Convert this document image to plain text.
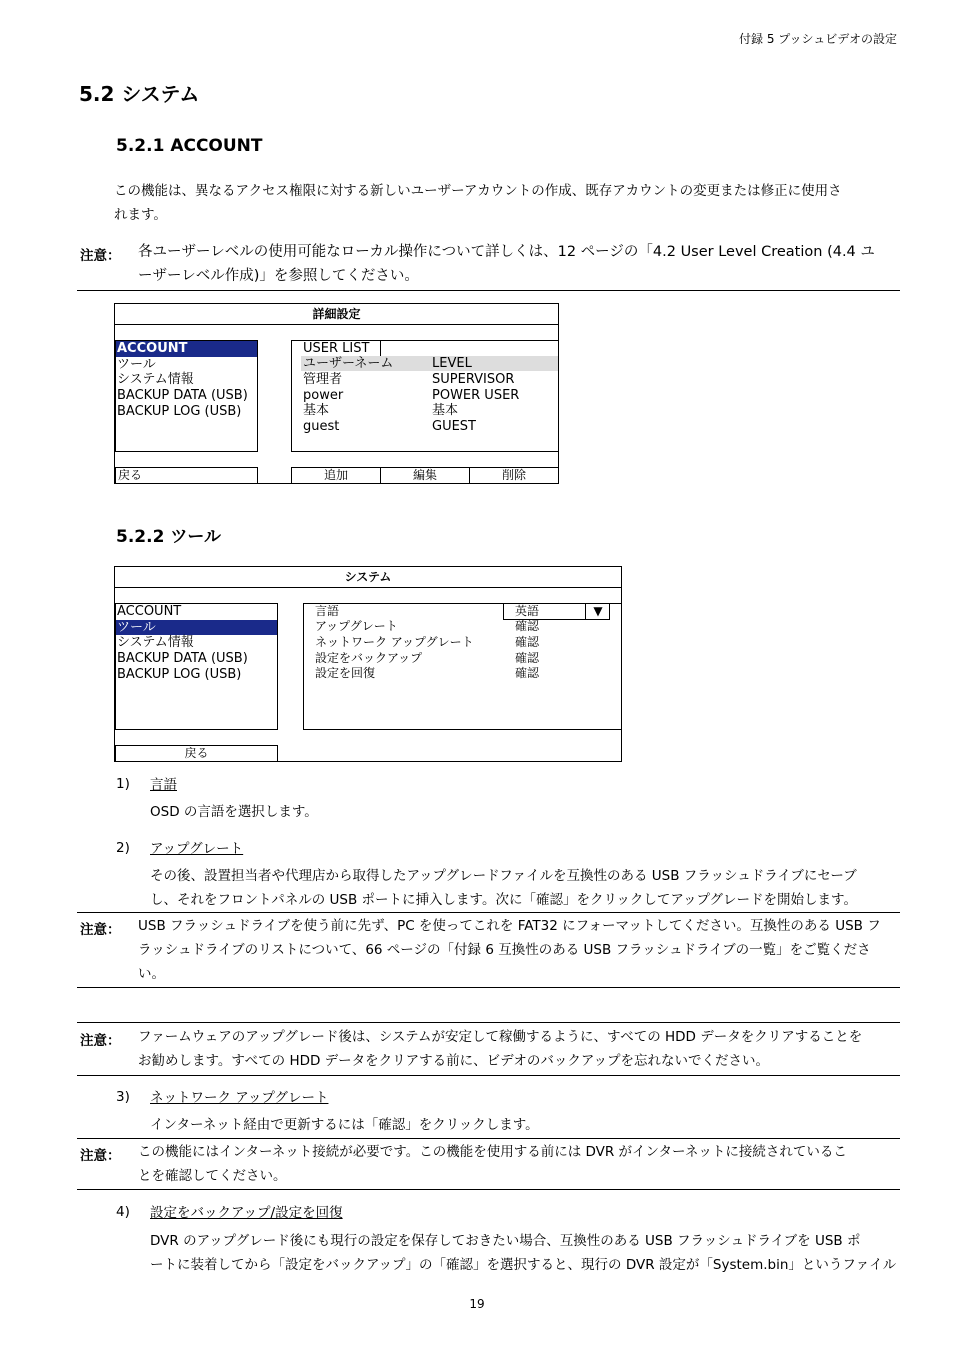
付録 5 プッシュビデオの設定
5.2 システム
5.2.1 ACCOUNT
この機能は、異なるアクセス権限に対する新しいユーザーアカウントの作成、既存アカウントの変更または修正に使用さ
れます。
注意： 各ユーザーレベルの使用可能なローカル操作について詳しくは、12 ページの「4.2 User Level Creation (4.4 ユ
ーザーレベル作成)」を参照してください。
詳細設定
ACCOUNT
ツール
システム情報
BACKUP DATA (USB)
BACKUP LOG (USB)
USER LIST
ユーザーネーム	LEVEL
管理者	SUPERVISOR
power	POWER USER
基本	基本
guest	GUEST
戻る	追加	編集	削除
5.2.2 ツール
システム
ACCOUNT
ツール
システム情報
BACKUP DATA (USB)
BACKUP LOG (USB)
言語	英語	▼
アップグレート	確認
ネットワーク アップグレート	確認
設定をバックアップ	確認
設定を回復	確認
戻る
1) 言語
OSD の言語を選択します。
2) アップグレート
その後、設置担当者や代理店から取得したアップグレードファイルを互換性のある USB フラッシュドライブにセーブ
し、それをフロントパネルの USB ポートに挿入します。次に「確認」をクリックしてアップグレードを開始します。
注意： USB フラッシュドライブを使う前に先ず、PC を使ってこれを FAT32 にフォーマットしてください。互換性のある USB フ
ラッシュドライブのリストについて、66 ページの「付録 6 互換性のある USB フラッシュドライブの一覧」をご覧くださ
い。
注意： ファームウェアのアップグレード後は、システムが安定して稼働するように、すべての HDD データをクリアすることを
お勧めします。すべての HDD データをクリアする前に、ビデオのバックアップを忘れないでください。
3) ネットワーク アップグレート
インターネット経由で更新するには「確認」をクリックします。
注意： この機能にはインターネット接続が必要です。この機能を使用する前には DVR がインターネットに接続されているこ
とを確認してください。
4) 設定をバックアップ/設定を回復
DVR のアップグレード後にも現行の設定を保存しておきたい場合、互換性のある USB フラッシュドライブを USB ポ
ートに装着してから「設定をバックアップ」の「確認」を選択すると、現行の DVR 設定が「System.bin」というファイル
19
